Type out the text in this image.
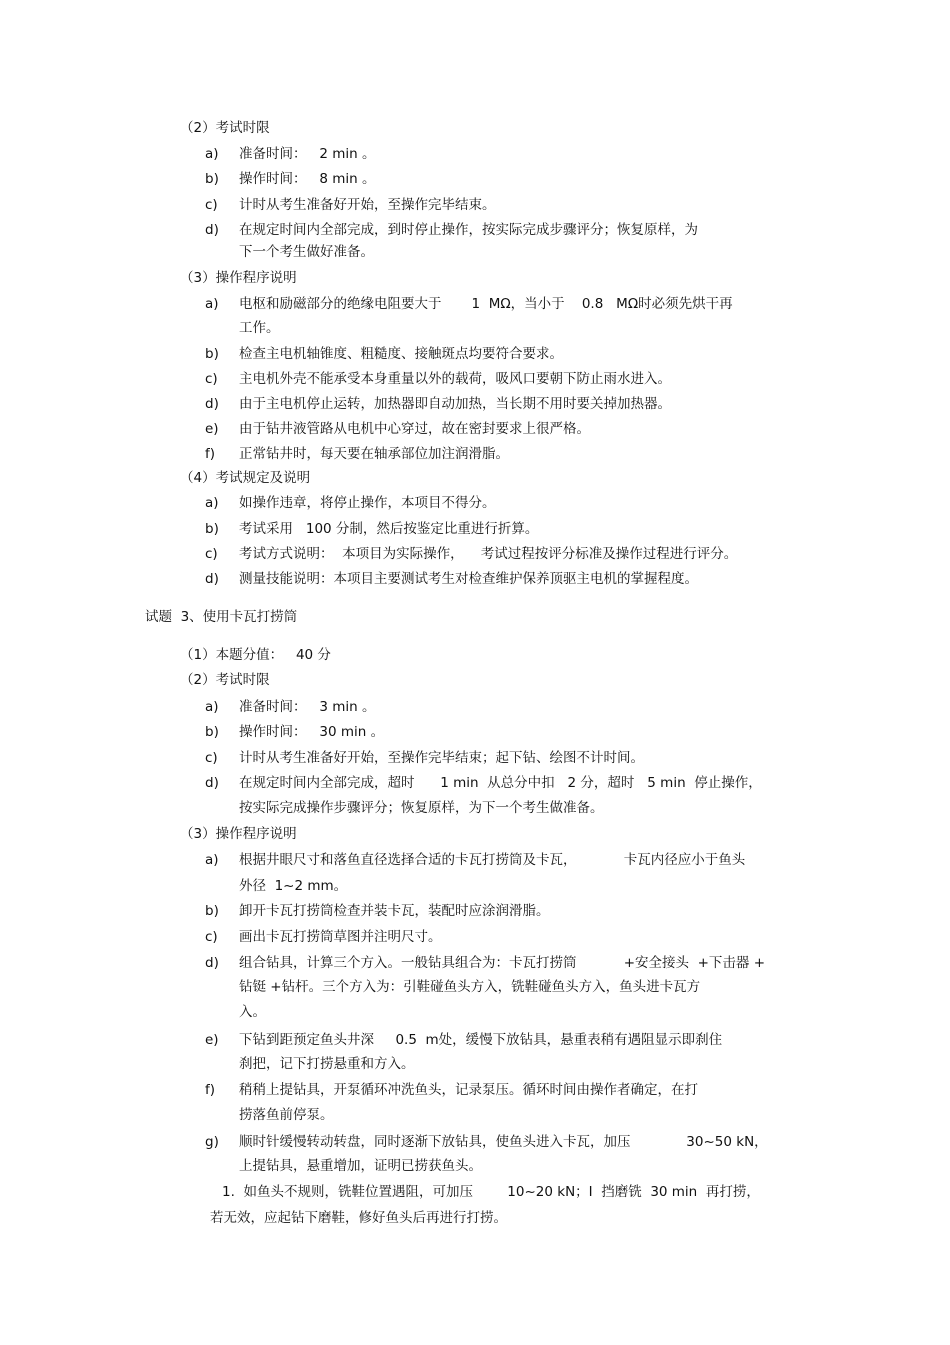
（2）考试时限
a)	准备时间：   2 min 。
b)	操作时间：   8 min 。
c)	计时从考生准备好开始，至操作完毕结束。
d)	在规定时间内全部完成，到时停止操作，按实际完成步骤评分；恢复原样，为
下一个考生做好准备。
（3）操作程序说明
a)	电枢和励磁部分的绝缘电阻要大于       1  MΩ，当小于    0.8   MΩ时必须先烘干再
工作。
b)	检查主电机轴锥度、粗糙度、接触斑点均要符合要求。
c)	主电机外壳不能承受本身重量以外的载荷，吸风口要朝下防止雨水进入。
d)	由于主电机停止运转，加热器即自动加热，当长期不用时要关掉加热器。
e)	由于钻井液管路从电机中心穿过，故在密封要求上很严格。
f)	正常钻井时，每天要在轴承部位加注润滑脂。
（4）考试规定及说明
a)	如操作违章，将停止操作，本项目不得分。
b)	考试采用   100 分制，然后按鉴定比重进行折算。
c)	考试方式说明：  本项目为实际操作，    考试过程按评分标准及操作过程进行评分。
d)	测量技能说明：本项目主要测试考生对检查维护保养顶驱主电机的掌握程度。
试题  3、使用卡瓦打捞筒
（1）本题分值：   40 分
（2）考试时限
a)	准备时间：   3 min 。
b)	操作时间：   30 min 。
c)	计时从考生准备好开始，至操作完毕结束；起下钻、绘图不计时间。
d)	在规定时间内全部完成，超时      1 min  从总分中扣   2 分，超时   5 min  停止操作，
按实际完成操作步骤评分；恢复原样，为下一个考生做准备。
（3）操作程序说明
a)	根据井眼尺寸和落鱼直径选择合适的卡瓦打捞筒及卡瓦，           卡瓦内径应小于鱼头
外径  1~2 mm。
b)	卸开卡瓦打捞筒检查并装卡瓦，装配时应涂润滑脂。
c)	画出卡瓦打捞筒草图并注明尺寸。
d)	组合钻具，计算三个方入。一般钻具组合为：卡瓦打捞筒           +安全接头  +下击器 +
钻铤 +钻杆。三个方入为：引鞋碰鱼头方入，铣鞋碰鱼头方入，鱼头进卡瓦方
入。
e)	下钻到距预定鱼头井深     0.5  m处，缓慢下放钻具，悬重表稍有遇阻显示即刹住
刹把，记下打捞悬重和方入。
f)	稍稍上提钻具，开泵循环冲洗鱼头，记录泵压。循环时间由操作者确定，在打
捞落鱼前停泵。
g)	顺时针缓慢转动转盘，同时逐渐下放钻具，使鱼头进入卡瓦，加压             30~50 kN，
上提钻具，悬重增加，证明已捞获鱼头。
1.  如鱼头不规则，铣鞋位置遇阻，可加压        10~20 kN；I  挡磨铣  30 min  再打捞，
若无效，应起钻下磨鞋，修好鱼头后再进行打捞。
